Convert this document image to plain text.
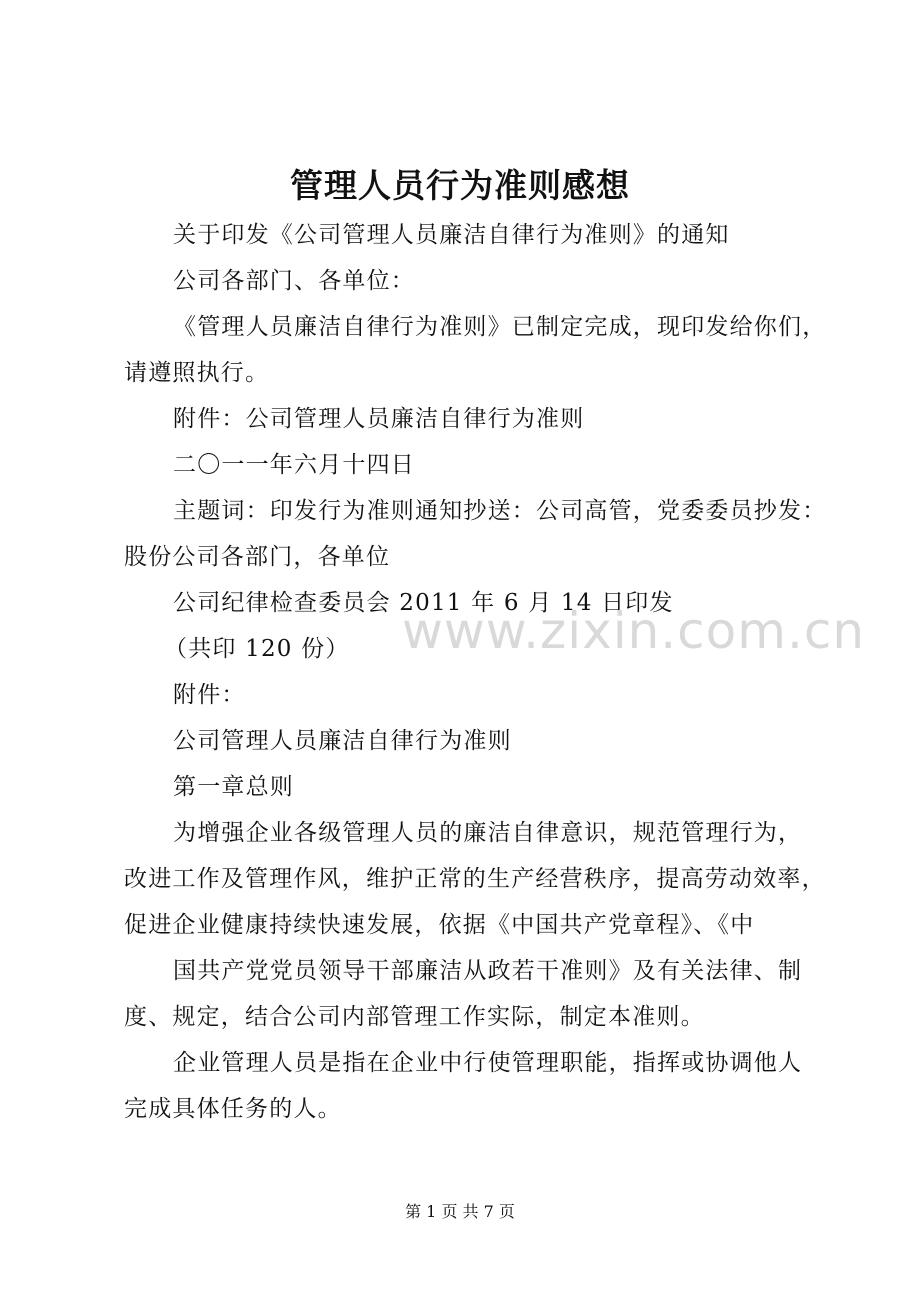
管理人员行为准则感想
关于印发《公司管理人员廉洁自律行为准则》的通知
公司各部门、各单位：
《管理人员廉洁自律行为准则》已制定完成，现印发给你们，
请遵照执行。
附件：公司管理人员廉洁自律行为准则
二〇一一年六月十四日
主题词：印发行为准则通知抄送：公司高管，党委委员抄发：
股份公司各部门，各单位
公司纪律检查委员会 2011 年 6 月 14 日印发
（共印 120 份）
附件：
公司管理人员廉洁自律行为准则
第一章总则
为增强企业各级管理人员的廉洁自律意识，规范管理行为，
改进工作及管理作风，维护正常的生产经营秩序，提高劳动效率，
促进企业健康持续快速发展，依据《中国共产党章程》、《中
国共产党党员领导干部廉洁从政若干准则》及有关法律、制
度、规定，结合公司内部管理工作实际，制定本准则。
企业管理人员是指在企业中行使管理职能，指挥或协调他人
完成具体任务的人。
www.zixin.com.cn
第 1 页 共 7 页
